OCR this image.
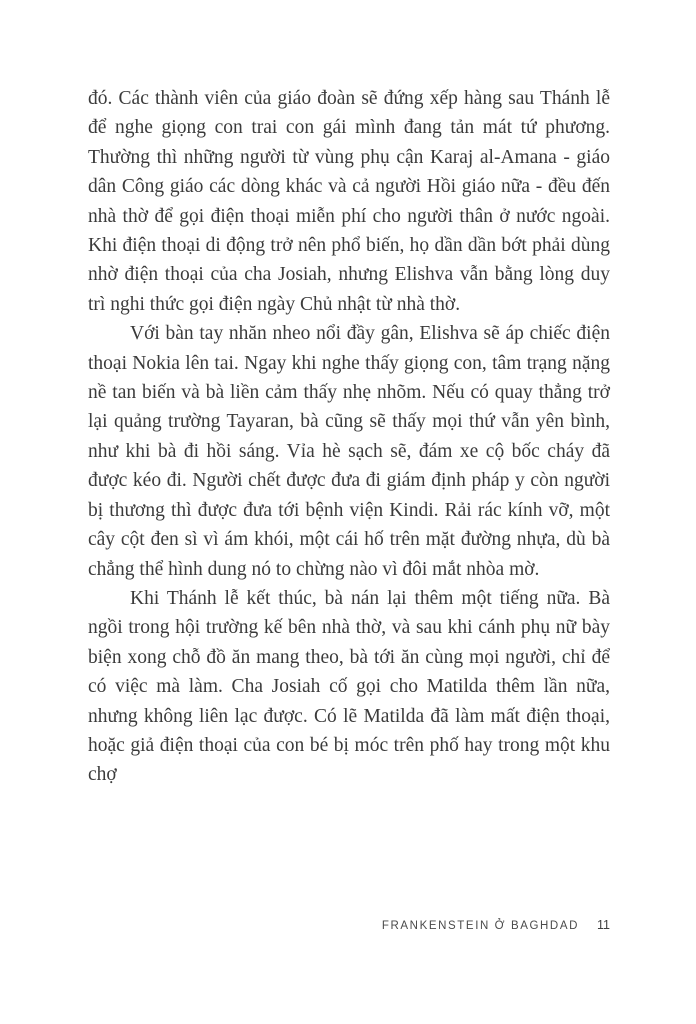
đó. Các thành viên của giáo đoàn sẽ đứng xếp hàng sau Thánh lễ để nghe giọng con trai con gái mình đang tản mát tứ phương. Thường thì những người từ vùng phụ cận Karaj al-Amana - giáo dân Công giáo các dòng khác và cả người Hồi giáo nữa - đều đến nhà thờ để gọi điện thoại miễn phí cho người thân ở nước ngoài. Khi điện thoại di động trở nên phổ biến, họ dần dần bớt phải dùng nhờ điện thoại của cha Josiah, nhưng Elishva vẫn bằng lòng duy trì nghi thức gọi điện ngày Chủ nhật từ nhà thờ.

Với bàn tay nhăn nheo nổi đầy gân, Elishva sẽ áp chiếc điện thoại Nokia lên tai. Ngay khi nghe thấy giọng con, tâm trạng nặng nề tan biến và bà liền cảm thấy nhẹ nhõm. Nếu có quay thẳng trở lại quảng trường Tayaran, bà cũng sẽ thấy mọi thứ vẫn yên bình, như khi bà đi hồi sáng. Vỉa hè sạch sẽ, đám xe cộ bốc cháy đã được kéo đi. Người chết được đưa đi giám định pháp y còn người bị thương thì được đưa tới bệnh viện Kindi. Rải rác kính vỡ, một cây cột đen sì vì ám khói, một cái hố trên mặt đường nhựa, dù bà chẳng thể hình dung nó to chừng nào vì đôi mắt nhòa mờ.

Khi Thánh lễ kết thúc, bà nán lại thêm một tiếng nữa. Bà ngồi trong hội trường kế bên nhà thờ, và sau khi cánh phụ nữ bày biện xong chỗ đồ ăn mang theo, bà tới ăn cùng mọi người, chỉ để có việc mà làm. Cha Josiah cố gọi cho Matilda thêm lần nữa, nhưng không liên lạc được. Có lẽ Matilda đã làm mất điện thoại, hoặc giả điện thoại của con bé bị móc trên phố hay trong một khu chợ

FRANKENSTEIN Ở BAGHDAD 11
